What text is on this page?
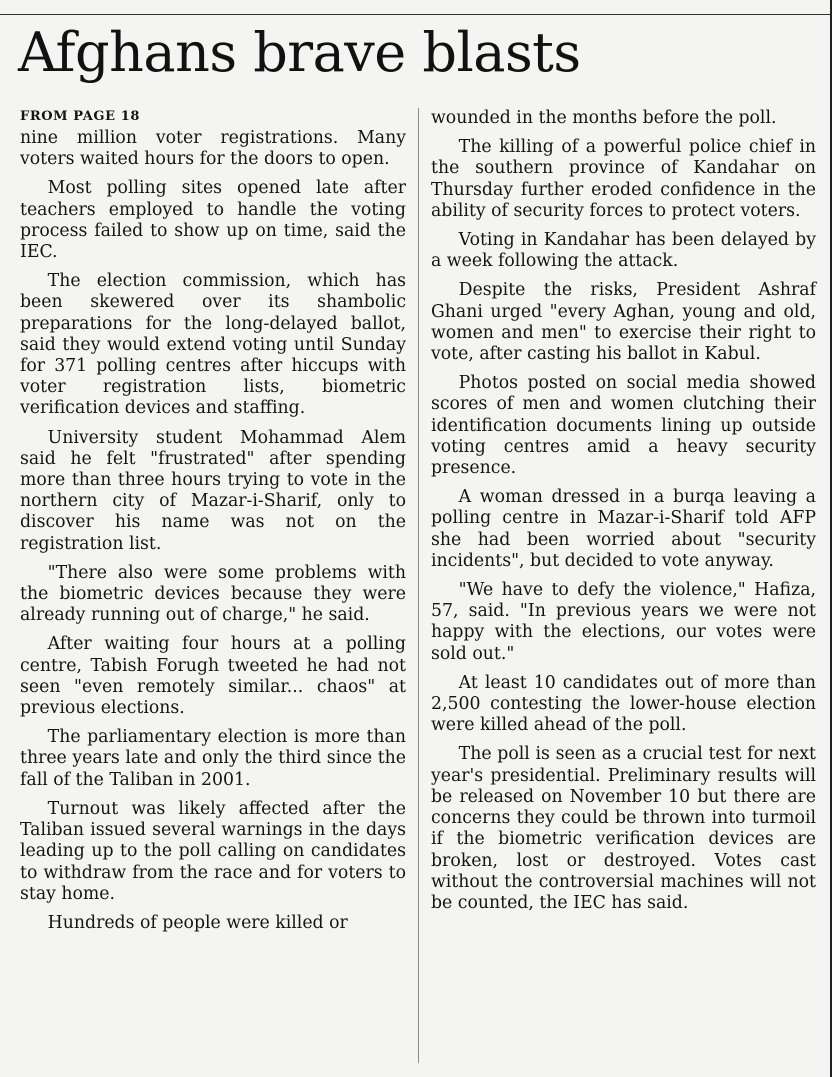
Afghans brave blasts
FROM PAGE 18

nine million voter registrations. Many voters waited hours for the doors to open.

Most polling sites opened late after teachers employed to handle the voting process failed to show up on time, said the IEC.

The election commission, which has been skewered over its shambolic preparations for the long-delayed ballot, said they would extend voting until Sunday for 371 polling centres after hiccups with voter registration lists, biometric verification devices and staffing.

University student Mohammad Alem said he felt "frustrated" after spending more than three hours trying to vote in the northern city of Mazar-i-Sharif, only to discover his name was not on the registration list.

"There also were some problems with the biometric devices because they were already running out of charge," he said.

After waiting four hours at a polling centre, Tabish Forugh tweeted he had not seen "even remotely similar... chaos" at previous elections.

The parliamentary election is more than three years late and only the third since the fall of the Taliban in 2001.

Turnout was likely affected after the Taliban issued several warnings in the days leading up to the poll calling on candidates to withdraw from the race and for voters to stay home.

Hundreds of people were killed or

wounded in the months before the poll.

The killing of a powerful police chief in the southern province of Kandahar on Thursday further eroded confidence in the ability of security forces to protect voters.

Voting in Kandahar has been delayed by a week following the attack.

Despite the risks, President Ashraf Ghani urged "every Aghan, young and old, women and men" to exercise their right to vote, after casting his ballot in Kabul.

Photos posted on social media showed scores of men and women clutching their identification documents lining up outside voting centres amid a heavy security presence.

A woman dressed in a burqa leaving a polling centre in Mazar-i-Sharif told AFP she had been worried about "security incidents", but decided to vote anyway.

"We have to defy the violence," Hafiza, 57, said. "In previous years we were not happy with the elections, our votes were sold out."

At least 10 candidates out of more than 2,500 contesting the lower-house election were killed ahead of the poll.

The poll is seen as a crucial test for next year's presidential. Preliminary results will be released on November 10 but there are concerns they could be thrown into turmoil if the biometric verification devices are broken, lost or destroyed. Votes cast without the controversial machines will not be counted, the IEC has said.
